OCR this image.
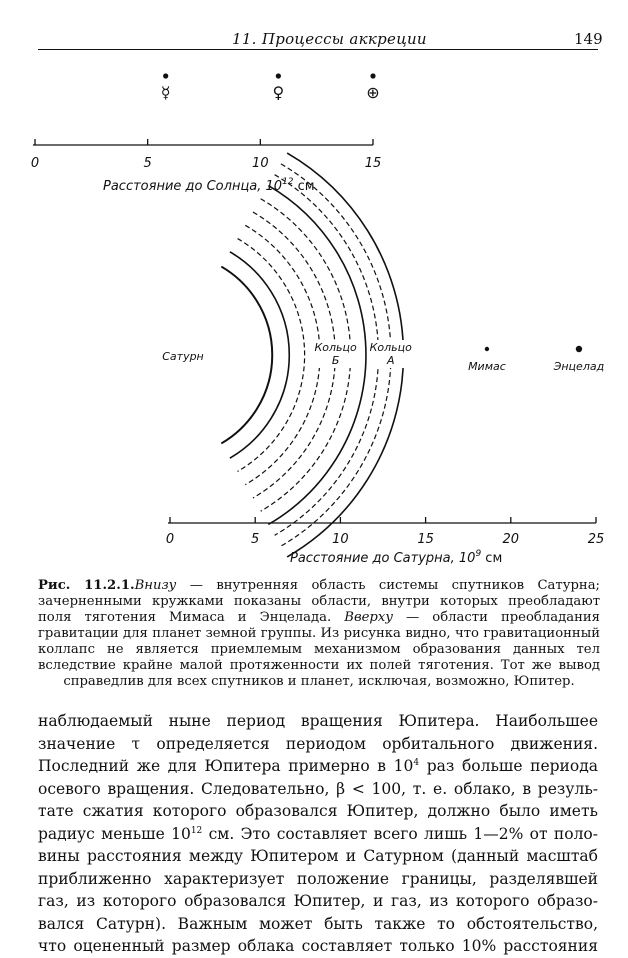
11. Процессы аккреции	149
0	5	10	15
☿	♀	⊕
Расстояние до Солнца, $10^{12}$ см
Сатурн
Кольцо
Б
Кольцо
А
0	5	10	15	20	25
Мимас	Энцелад
Расстояние до Сатурна, $10^9$ см
Рис. 11.2.1.Внизу — внутренняя область системы спутников Сатурна; зачерненными кружками показаны области, внутри которых преобладают поля тяготения Мимаса и Энцелада. Вверху — области преобладания гравитации для планет земной группы. Из рисунка видно, что гравитационный коллапс не является приемлемым механизмом образования данных тел вследствие крайне малой протяженности их полей тяготения. Тот же вывод справедлив для всех спутников и планет, исключая, возможно, Юпитер.
наблюдаемый ныне период вращения Юпитера. Наибольшее
значение τ определяется периодом орбитального движения.
Последний же для Юпитера примерно в $10^4$ раз больше периода
осевого вращения. Следовательно, β < 100, т. е. облако, в резуль-
тате сжатия которого образовался Юпитер, должно было иметь
радиус меньше $10^{12}$ см. Это составляет всего лишь 1—2% от поло-
вины расстояния между Юпитером и Сатурном (данный масштаб
приближенно характеризует положение границы, разделявшей
газ, из которого образовался Юпитер, и газ, из которого образо-
вался Сатурн). Важным может быть также то обстоятельство,
что оцененный размер облака составляет только 10% расстояния
